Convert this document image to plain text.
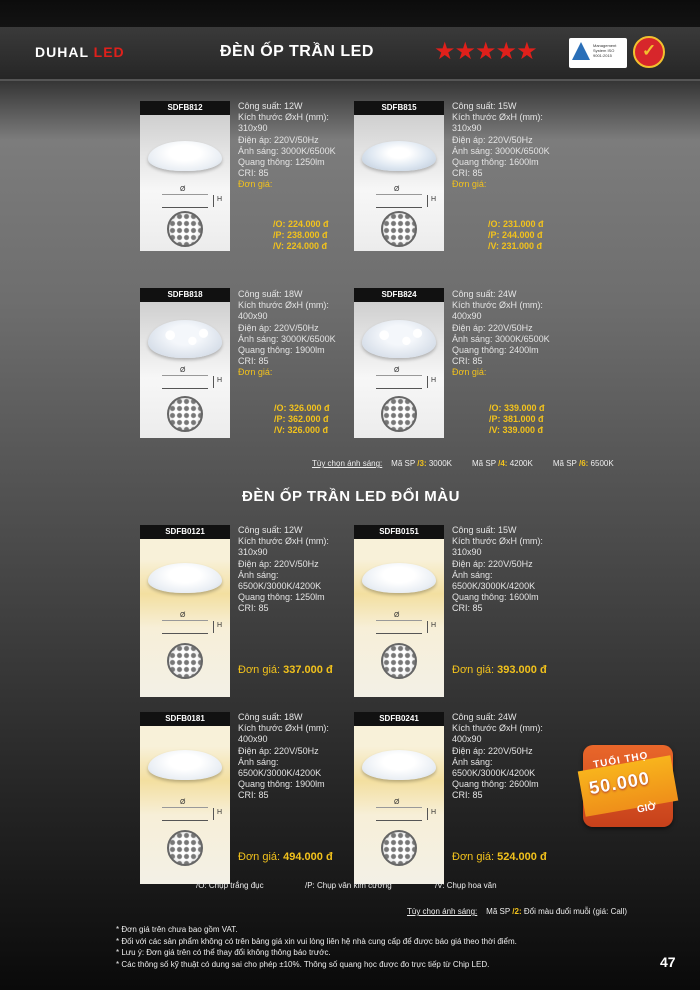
DUHAL LED	ĐÈN ỐP TRẦN LED	★★★★★	Management System ISO 9001:2015	✓
SDFB812
Ø
H
SDFB815
Ø
H
SDFB818
Ø
H
SDFB824
Ø
H
Công suất: 12W
Kích thước ØxH (mm):
310x90
Điện áp: 220V/50Hz
Ánh sáng: 3000K/6500K
Quang thông: 1250lm
CRI: 85
Đơn giá:
/O: 224.000 đ
/P: 238.000 đ
/V: 224.000 đ
Công suất: 15W
Kích thước ØxH (mm):
310x90
Điện áp: 220V/50Hz
Ánh sáng: 3000K/6500K
Quang thông: 1600lm
CRI: 85
Đơn giá:
/O: 231.000 đ
/P: 244.000 đ
/V: 231.000 đ
Công suất: 18W
Kích thước ØxH (mm):
400x90
Điện áp: 220V/50Hz
Ánh sáng: 3000K/6500K
Quang thông: 1900lm
CRI: 85
Đơn giá:
/O: 326.000 đ
/P: 362.000 đ
/V: 326.000 đ
Công suất: 24W
Kích thước ØxH (mm):
400x90
Điện áp: 220V/50Hz
Ánh sáng: 3000K/6500K
Quang thông: 2400lm
CRI: 85
Đơn giá:
/O: 339.000 đ
/P: 381.000 đ
/V: 339.000 đ
Tùy chọn ánh sáng: Mã SP /3: 3000K	Mã SP /4: 4200K	Mã SP /6: 6500K
ĐÈN ỐP TRẦN LED ĐỔI MÀU
SDFB0121
Ø
H
SDFB0151
Ø
H
SDFB0181
Ø
H
SDFB0241
Ø
H
Công suất: 12W
Kích thước ØxH (mm):
310x90
Điện áp: 220V/50Hz
Ánh sáng:
6500K/3000K/4200K
Quang thông: 1250lm
CRI: 85
Đơn giá: 337.000 đ
Công suất: 15W
Kích thước ØxH (mm):
310x90
Điện áp: 220V/50Hz
Ánh sáng:
6500K/3000K/4200K
Quang thông: 1600lm
CRI: 85
Đơn giá: 393.000 đ
Công suất: 18W
Kích thước ØxH (mm):
400x90
Điện áp: 220V/50Hz
Ánh sáng:
6500K/3000K/4200K
Quang thông: 1900lm
CRI: 85
Đơn giá: 494.000 đ
Công suất: 24W
Kích thước ØxH (mm):
400x90
Điện áp: 220V/50Hz
Ánh sáng:
6500K/3000K/4200K
Quang thông: 2600lm
CRI: 85
Đơn giá: 524.000 đ
TUỔI THỌ
50.000
GIỜ
/O: Chụp trắng đục	/P: Chụp vân kim cương	/V: Chụp hoa văn
Tùy chọn ánh sáng: Mã SP /2: Đổi màu đuổi muỗi (giá: Call)
* Đơn giá trên chưa bao gồm VAT.
* Đối với các sản phẩm không có trên bảng giá xin vui lòng liên hệ nhà cung cấp để được báo giá theo thời điểm.
* Lưu ý: Đơn giá trên có thể thay đổi không thông báo trước.
* Các thông số kỹ thuật có dung sai cho phép ±10%. Thông số quang học được đo trực tiếp từ Chip LED.	47
